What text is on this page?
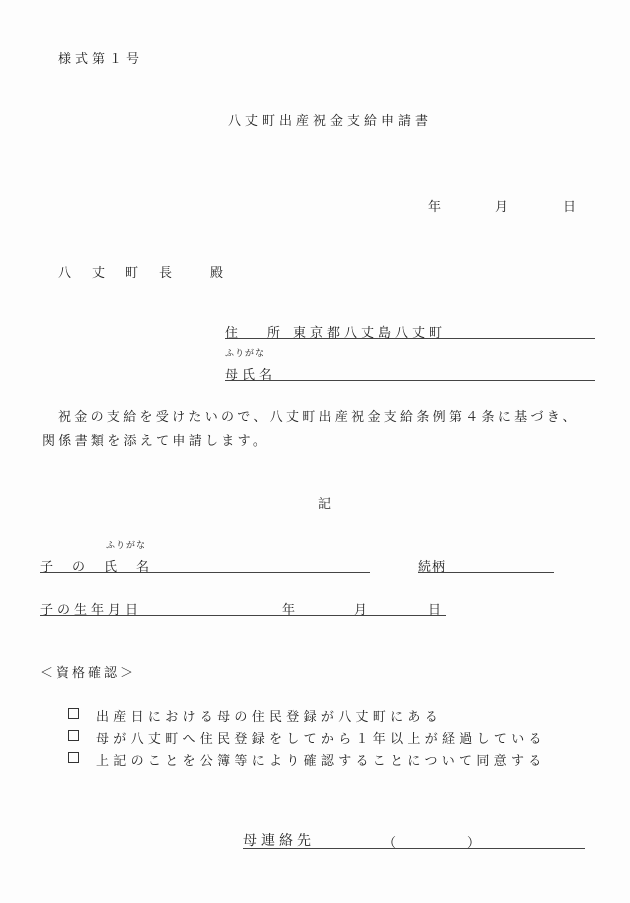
様式第１号
八丈町出産祝金支給申請書
年	月	日
八 丈 町 長	殿
住　所 東京都八丈島八丈町
ふりがな
母氏名
祝金の支給を受けたいので、八丈町出産祝金支給条例第４条に基づき、
関係書類を添えて申請します。
記
ふりがな
子　の　氏　名	続柄
子の生年月日	年	月	日
＜資格確認＞
出産日における母の住民登録が八丈町にある
母が八丈町へ住民登録をしてから１年以上が経過している
上記のことを公簿等により確認することについて同意する
母連絡先	（	）
